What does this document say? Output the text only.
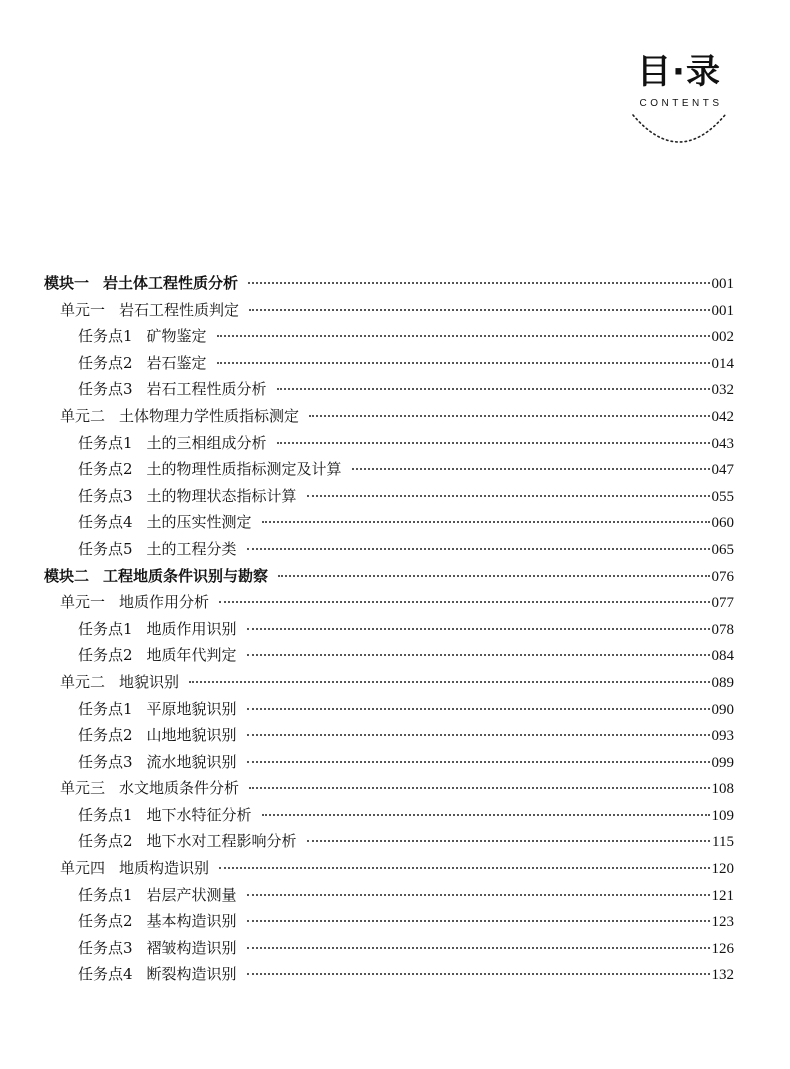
目·录
CONTENTS
模块一 岩土体工程性质分析	001
单元一 岩石工程性质判定	001
任务点1 矿物鉴定	002
任务点2 岩石鉴定	014
任务点3 岩石工程性质分析	032
单元二 土体物理力学性质指标测定	042
任务点1 土的三相组成分析	043
任务点2 土的物理性质指标测定及计算	047
任务点3 土的物理状态指标计算	055
任务点4 土的压实性测定	060
任务点5 土的工程分类	065
模块二 工程地质条件识别与勘察	076
单元一 地质作用分析	077
任务点1 地质作用识别	078
任务点2 地质年代判定	084
单元二 地貌识别	089
任务点1 平原地貌识别	090
任务点2 山地地貌识别	093
任务点3 流水地貌识别	099
单元三 水文地质条件分析	108
任务点1 地下水特征分析	109
任务点2 地下水对工程影响分析	115
单元四 地质构造识别	120
任务点1 岩层产状测量	121
任务点2 基本构造识别	123
任务点3 褶皱构造识别	126
任务点4 断裂构造识别	132
